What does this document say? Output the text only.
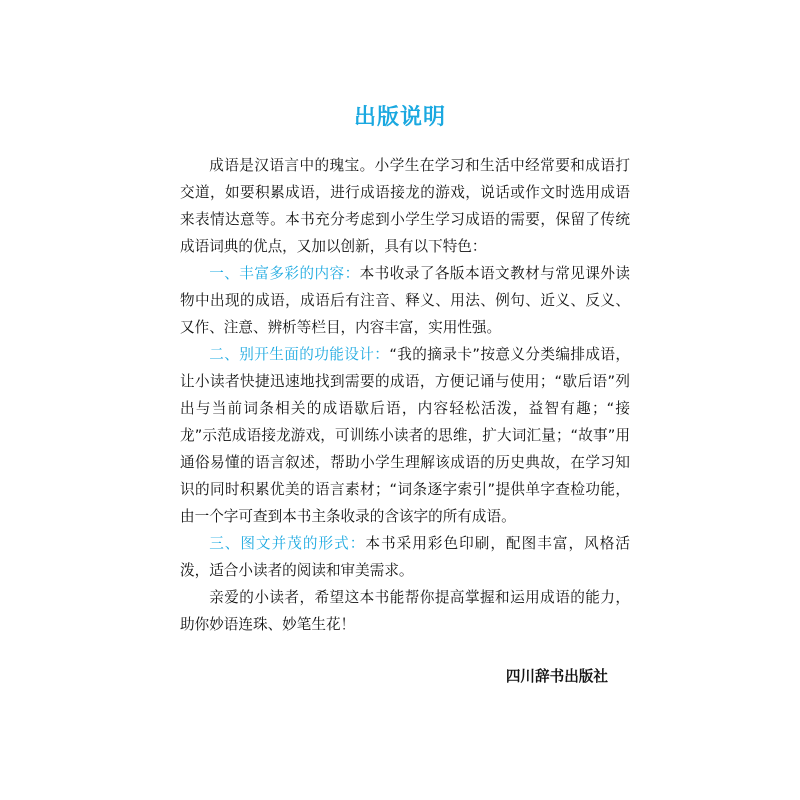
出版说明

成语是汉语言中的瑰宝。小学生在学习和生活中经常要和成语打交道，如要积累成语，进行成语接龙的游戏，说话或作文时选用成语来表情达意等。本书充分考虑到小学生学习成语的需要，保留了传统成语词典的优点，又加以创新，具有以下特色：

一、丰富多彩的内容：本书收录了各版本语文教材与常见课外读物中出现的成语，成语后有注音、释义、用法、例句、近义、反义、又作、注意、辨析等栏目，内容丰富，实用性强。

二、别开生面的功能设计：“我的摘录卡”按意义分类编排成语，让小读者快捷迅速地找到需要的成语，方便记诵与使用；“歇后语”列出与当前词条相关的成语歇后语，内容轻松活泼，益智有趣；“接龙”示范成语接龙游戏，可训练小读者的思维，扩大词汇量；“故事”用通俗易懂的语言叙述，帮助小学生理解该成语的历史典故，在学习知识的同时积累优美的语言素材；“词条逐字索引”提供单字查检功能，由一个字可查到本书主条收录的含该字的所有成语。

三、图文并茂的形式：本书采用彩色印刷，配图丰富，风格活泼，适合小读者的阅读和审美需求。

亲爱的小读者，希望这本书能帮你提高掌握和运用成语的能力，助你妙语连珠、妙笔生花！

四川辞书出版社
